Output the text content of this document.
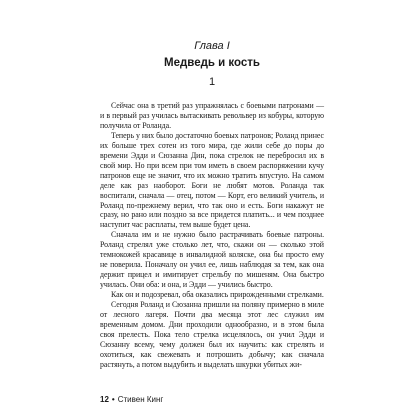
Глава I
Медведь и кость
1

Сейчас она в третий раз упражнялась с боевыми патронами — и в первый раз училась вытаскивать револьвер из кобуры, которую получила от Роланда.

Теперь у них было достаточно боевых патронов; Роланд принес их больше трех сотен из того мира, где жили себе до поры до времени Эдди и Сюзанна Дин, пока стрелок не перебросил их в свой мир. Но при всем при том иметь в своем распоряжении кучу патронов еще не значит, что их можно тратить впустую. На самом деле как раз наоборот. Боги не любят мотов. Роланда так воспитали, сначала — отец, потом — Корт, его великий учитель, и Роланд по-прежнему верил, что так оно и есть. Боги накажут не сразу, но рано или поздно за все придется платить... и чем позднее наступит час расплаты, тем выше будет цена.

Сначала им и не нужно было растрачивать боевые патроны. Роланд стрелял уже столько лет, что, скажи он — сколько этой темнокожей красавице в инвалидной коляске, она бы просто ему не поверила. Поначалу он учил ее, лишь наблюдая за тем, как она держит прицел и имитирует стрельбу по мишеням. Она быстро училась. Они оба: и она, и Эдди — учились быстро.

Как он и подозревал, оба оказались прирожденными стрелками.

Сегодня Роланд и Сюзанна пришли на поляну примерно в миле от лесного лагеря. Почти два месяца этот лес служил им временным домом. Дни проходили однообразно, и в этом была своя прелесть. Пока тело стрелка исцелялось, он учил Эдди и Сюзанну всему, чему должен был их научить: как стрелять и охотиться, как свежевать и потрошить добычу; как сначала растянуть, а потом выдубить и выделать шкурки убитых жи-

12 • Стивен Кинг
